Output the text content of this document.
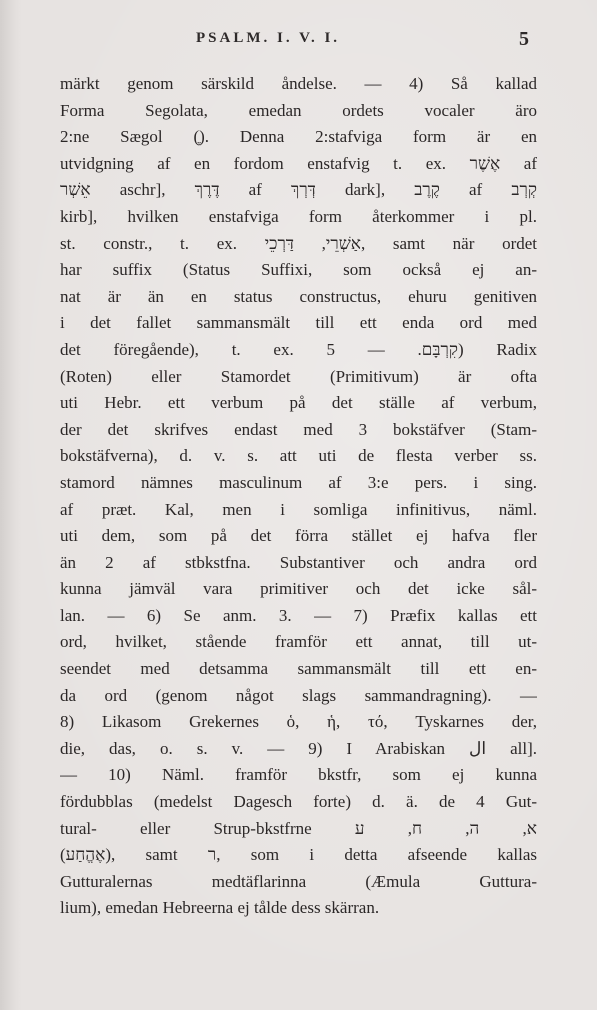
PSALM. I. V. I.	5
märkt genom särskild åndelse. — 4) Så kallad
Forma Segolata, emedan ordets vocaler äro
2:ne Sægol (ֶ). Denna 2:stafviga form är en
utvidgning af en fordom enstafvig t. ex. אֶשֶׁר af
אֵשְׁר aschr], דֶּרֶךְ af דְּרְךְ dark], קֶרֶב af קְרְב
kirb], hvilken enstafviga form återkommer i pl.
st. constr., t. ex. אַשְׁרֵי, דַּרְכֵי, samt när ordet
har suffix (Status Suffixi, som också ej an-
nat är än en status constructus, ehuru genitiven
i det fallet sammansmält till ett enda ord med
det föregående), t. ex. קִרְבָּם. — 5) Radix
(Roten) eller Stamordet (Primitivum) är ofta
uti Hebr. ett verbum på det ställe af verbum,
der det skrifves endast med 3 bokstäfver (Stam-
bokstäfverna), d. v. s. att uti de flesta verber ss.
stamord nämnes masculinum af 3:e pers. i sing.
af præt. Kal, men i somliga infinitivus, näml.
uti dem, som på det förra stället ej hafva fler
än 2 af stbkstfna. Substantiver och andra ord
kunna jämväl vara primitiver och det icke sål-
lan. — 6) Se anm. 3. — 7) Præfix kallas ett
ord, hvilket, stående framför ett annat, till ut-
seendet med detsamma sammansmält till ett en-
da ord (genom något slags sammandragning). —
8) Likasom Grekernes ὁ, ἡ, τό, Tyskarnes der,
die, das, o. s. v. — 9) I Arabiskan ال all].
— 10) Näml. framför bkstfr, som ej kunna
fördubblas (medelst Dagesch forte) d. ä. de 4 Gut-
tural- eller Strup-bkstfrne א, ה, ח, ע
(אֶהֱחַע), samt ר, som i detta afseende kallas
Gutturalernas medtäflarinna (Æmula Guttura-
lium), emedan Hebreerna ej tålde dess skärran.
